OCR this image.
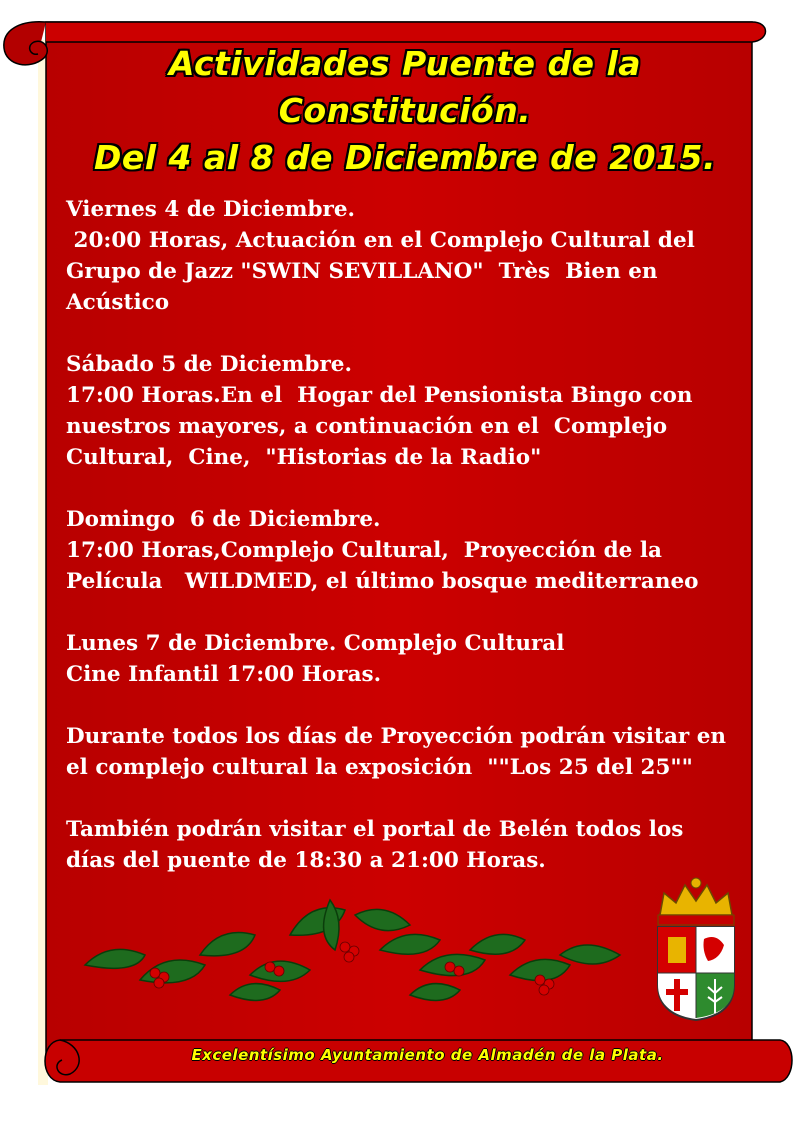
Actividades Puente de la
Constitución.
Del 4 al 8 de Diciembre de 2015.

Viernes 4 de Diciembre.
20:00 Horas, Actuación en el Complejo Cultural del
Grupo de Jazz "SWIN SEVILLANO"  Très  Bien en
Acústico

Sábado 5 de Diciembre.
17:00 Horas.En el  Hogar del Pensionista Bingo con
nuestros mayores, a continuación en el  Complejo
Cultural,  Cine,  "Historias de la Radio"

Domingo  6 de Diciembre.
17:00 Horas,Complejo Cultural,  Proyección de la
Película   WILDMED, el último bosque mediterraneo

Lunes 7 de Diciembre. Complejo Cultural
Cine Infantil 17:00 Horas.

Durante todos los días de Proyección podrán visitar en
el complejo cultural la exposición  ""Los 25 del 25""

También podrán visitar el portal de Belén todos los
días del puente de 18:30 a 21:00 Horas.

Excelentísimo Ayuntamiento de Almadén de la Plata.
